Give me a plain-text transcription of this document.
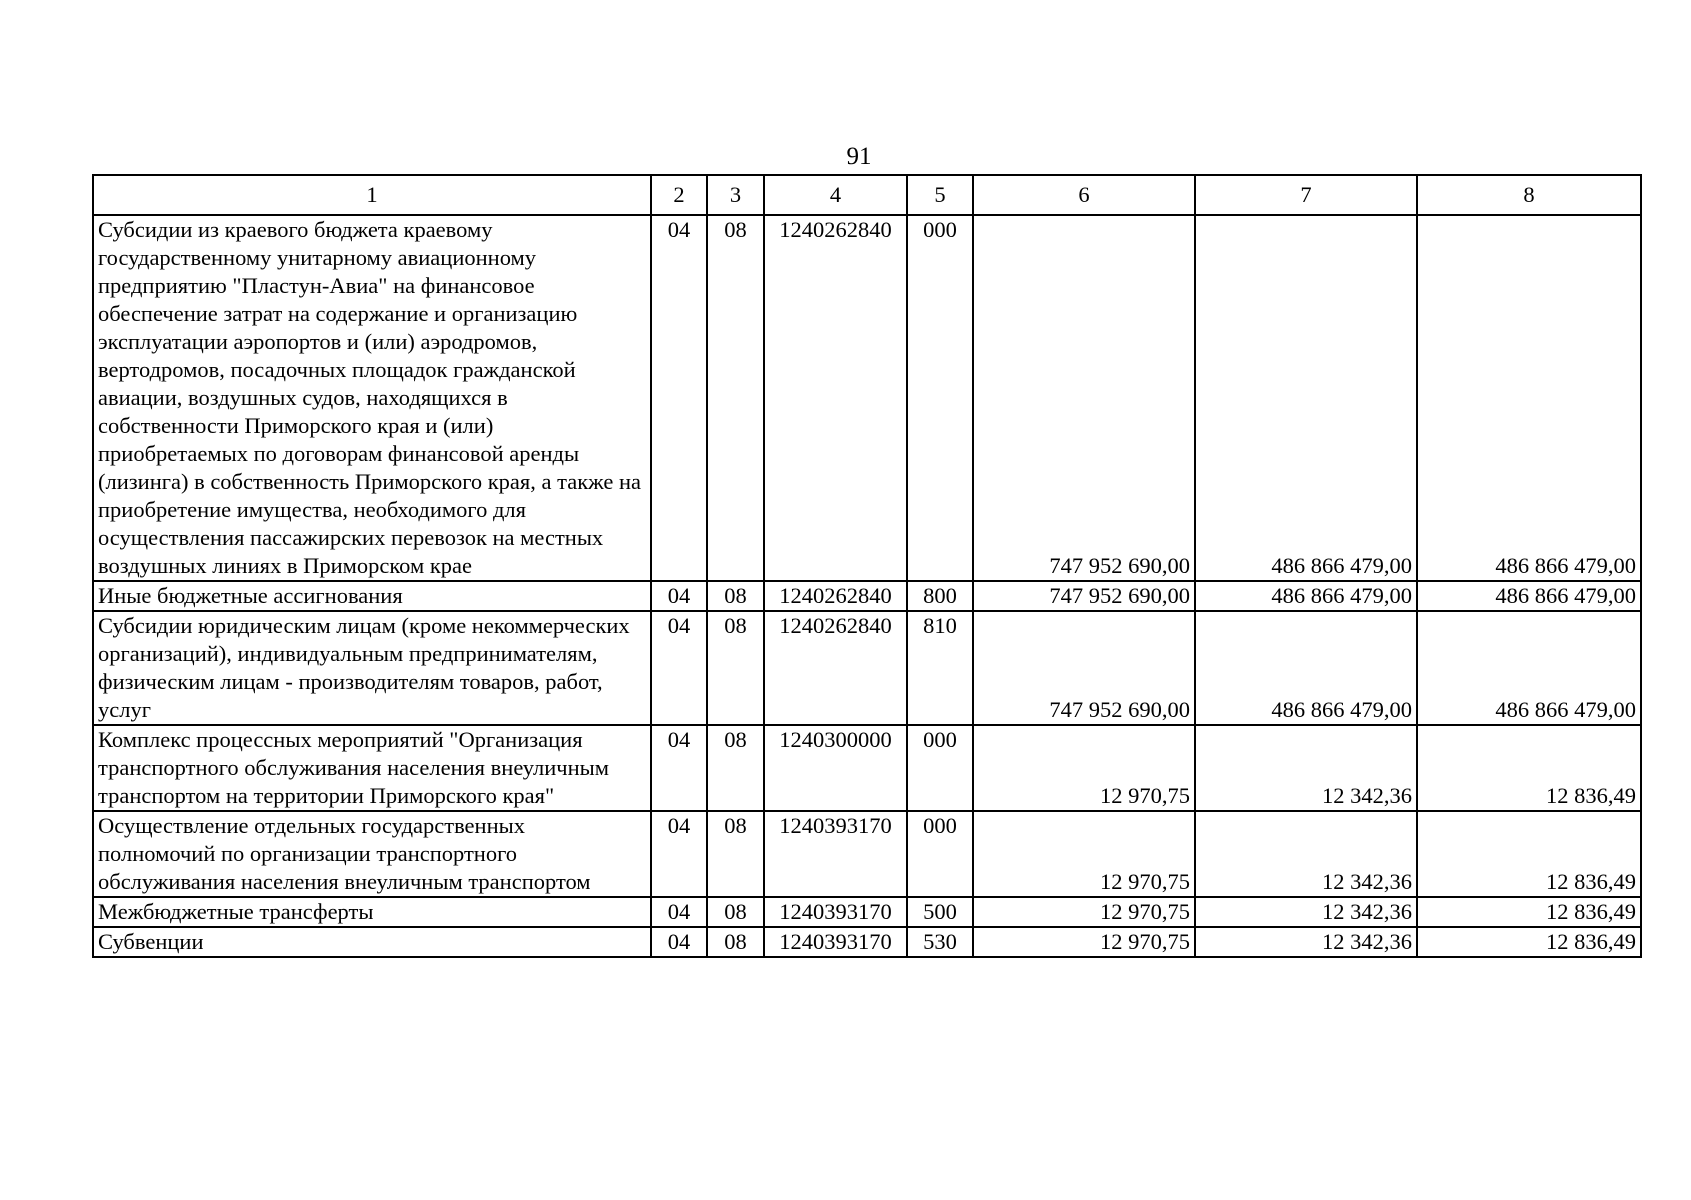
91
1	2	3	4	5	6	7	8
Субсидии из краевого бюджета краевому государственному унитарному авиационному предприятию "Пластун-Авиа" на финансовое обеспечение затрат на содержание и организацию эксплуатации аэропортов и (или) аэродромов, вертодромов, посадочных площадок гражданской авиации, воздушных судов, находящихся в собственности Приморского края и (или) приобретаемых по договорам финансовой аренды (лизинга) в собственность Приморского края, а также на приобретение имущества, необходимого для осуществления пассажирских перевозок на местных воздушных линиях в Приморском крае	04	08	1240262840	000	747 952 690,00	486 866 479,00	486 866 479,00
Иные бюджетные ассигнования	04	08	1240262840	800	747 952 690,00	486 866 479,00	486 866 479,00
Субсидии юридическим лицам (кроме некоммерческих организаций), индивидуальным предпринимателям, физическим лицам - производителям товаров, работ, услуг	04	08	1240262840	810	747 952 690,00	486 866 479,00	486 866 479,00
Комплекс процессных мероприятий "Организация транспортного обслуживания населения внеуличным транспортом на территории Приморского края"	04	08	1240300000	000	12 970,75	12 342,36	12 836,49
Осуществление отдельных государственных полномочий по организации транспортного обслуживания населения внеуличным транспортом	04	08	1240393170	000	12 970,75	12 342,36	12 836,49
Межбюджетные трансферты	04	08	1240393170	500	12 970,75	12 342,36	12 836,49
Субвенции	04	08	1240393170	530	12 970,75	12 342,36	12 836,49
